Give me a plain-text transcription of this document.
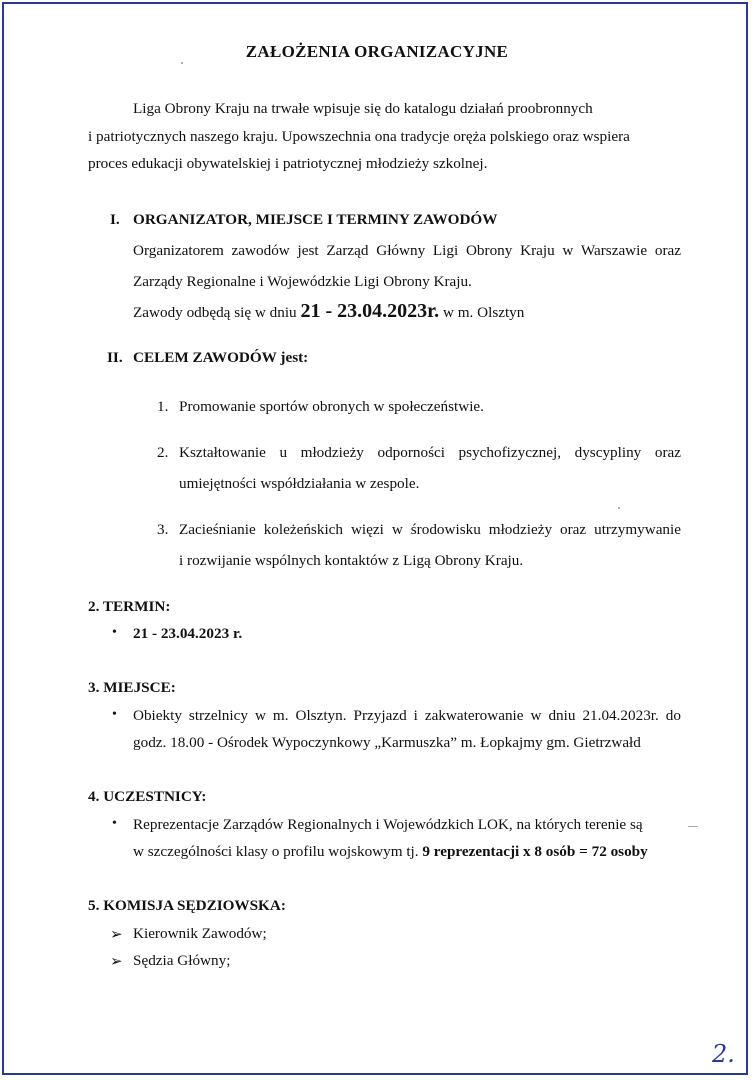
ZAŁOŻENIA ORGANIZACYJNE
Liga Obrony Kraju na trwałe wpisuje się do katalogu działań proobronnych
i patriotycznych naszego kraju. Upowszechnia ona tradycje oręża polskiego oraz wspiera
proces edukacji obywatelskiej i patriotycznej młodzieży szkolnej.
I. ORGANIZATOR, MIEJSCE I TERMINY ZAWODÓW
Organizatorem zawodów jest Zarząd Główny Ligi Obrony Kraju w Warszawie oraz
Zarządy Regionalne i Wojewódzkie Ligi Obrony Kraju.
Zawody odbędą się w dniu 21 - 23.04.2023r. w m. Olsztyn
II. CELEM ZAWODÓW jest:
1. Promowanie sportów obronych w społeczeństwie.
2. Kształtowanie u młodzieży odporności psychofizycznej, dyscypliny oraz
umiejętności współdziałania w zespole.
3. Zacieśnianie koleżeńskich więzi w środowisku młodzieży oraz utrzymywanie
i rozwijanie wspólnych kontaktów z Ligą Obrony Kraju.
2. TERMIN:
• 21 - 23.04.2023 r.
3. MIEJSCE:
• Obiekty strzelnicy w m. Olsztyn. Przyjazd i zakwaterowanie w dniu 21.04.2023r. do
godz. 18.00 - Ośrodek Wypoczynkowy „Karmuszka” m. Łopkajmy gm. Gietrzwałd
4. UCZESTNICY:
• Reprezentacje Zarządów Regionalnych i Wojewódzkich LOK, na których terenie są
w szczególności klasy o profilu wojskowym tj. 9 reprezentacji x 8 osób = 72 osoby
5. KOMISJA SĘDZIOWSKA:
➢ Kierownik Zawodów;
➢ Sędzia Główny;
2.
